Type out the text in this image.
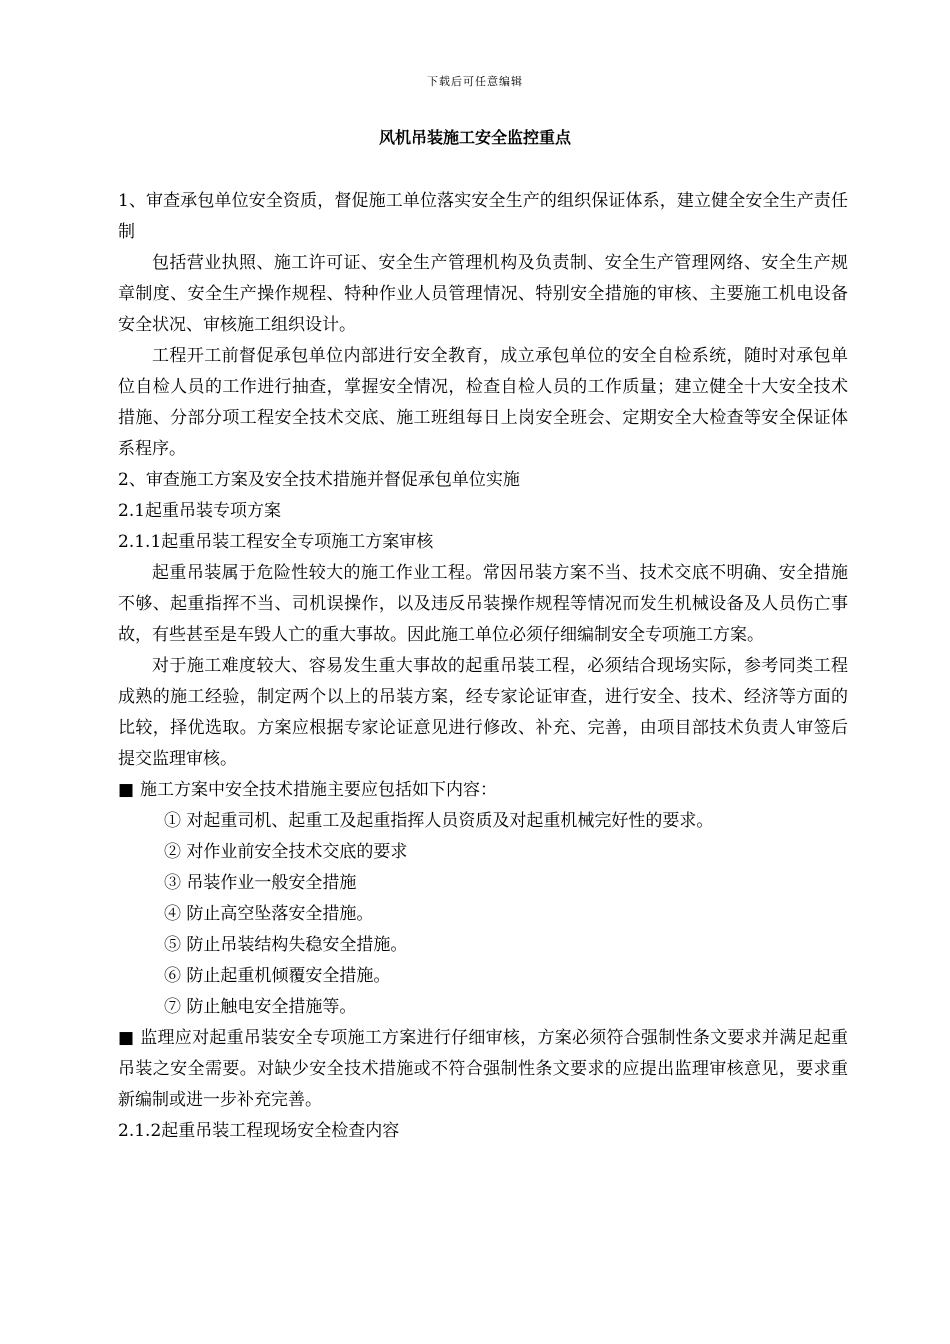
下载后可任意编辑
风机吊装施工安全监控重点

1、审查承包单位安全资质，督促施工单位落实安全生产的组织保证体系，建立健全安全生产责任制

包括营业执照、施工许可证、安全生产管理机构及负责制、安全生产管理网络、安全生产规章制度、安全生产操作规程、特种作业人员管理情况、特别安全措施的审核、主要施工机电设备安全状况、审核施工组织设计。

工程开工前督促承包单位内部进行安全教育，成立承包单位的安全自检系统，随时对承包单位自检人员的工作进行抽查，掌握安全情况，检查自检人员的工作质量；建立健全十大安全技术措施、分部分项工程安全技术交底、施工班组每日上岗安全班会、定期安全大检查等安全保证体系程序。

2、审查施工方案及安全技术措施并督促承包单位实施

2.1起重吊装专项方案

2.1.1起重吊装工程安全专项施工方案审核

起重吊装属于危险性较大的施工作业工程。常因吊装方案不当、技术交底不明确、安全措施不够、起重指挥不当、司机误操作，以及违反吊装操作规程等情况而发生机械设备及人员伤亡事故，有些甚至是车毁人亡的重大事故。因此施工单位必须仔细编制安全专项施工方案。

对于施工难度较大、容易发生重大事故的起重吊装工程，必须结合现场实际，参考同类工程成熟的施工经验，制定两个以上的吊装方案，经专家论证审查，进行安全、技术、经济等方面的比较，择优选取。方案应根据专家论证意见进行修改、补充、完善，由项目部技术负责人审签后提交监理审核。

■ 施工方案中安全技术措施主要应包括如下内容：

① 对起重司机、起重工及起重指挥人员资质及对起重机械完好性的要求。

② 对作业前安全技术交底的要求

③ 吊装作业一般安全措施

④ 防止高空坠落安全措施。

⑤ 防止吊装结构失稳安全措施。

⑥ 防止起重机倾覆安全措施。

⑦ 防止触电安全措施等。

■ 监理应对起重吊装安全专项施工方案进行仔细审核，方案必须符合强制性条文要求并满足起重吊装之安全需要。对缺少安全技术措施或不符合强制性条文要求的应提出监理审核意见，要求重新编制或进一步补充完善。

2.1.2起重吊装工程现场安全检查内容
